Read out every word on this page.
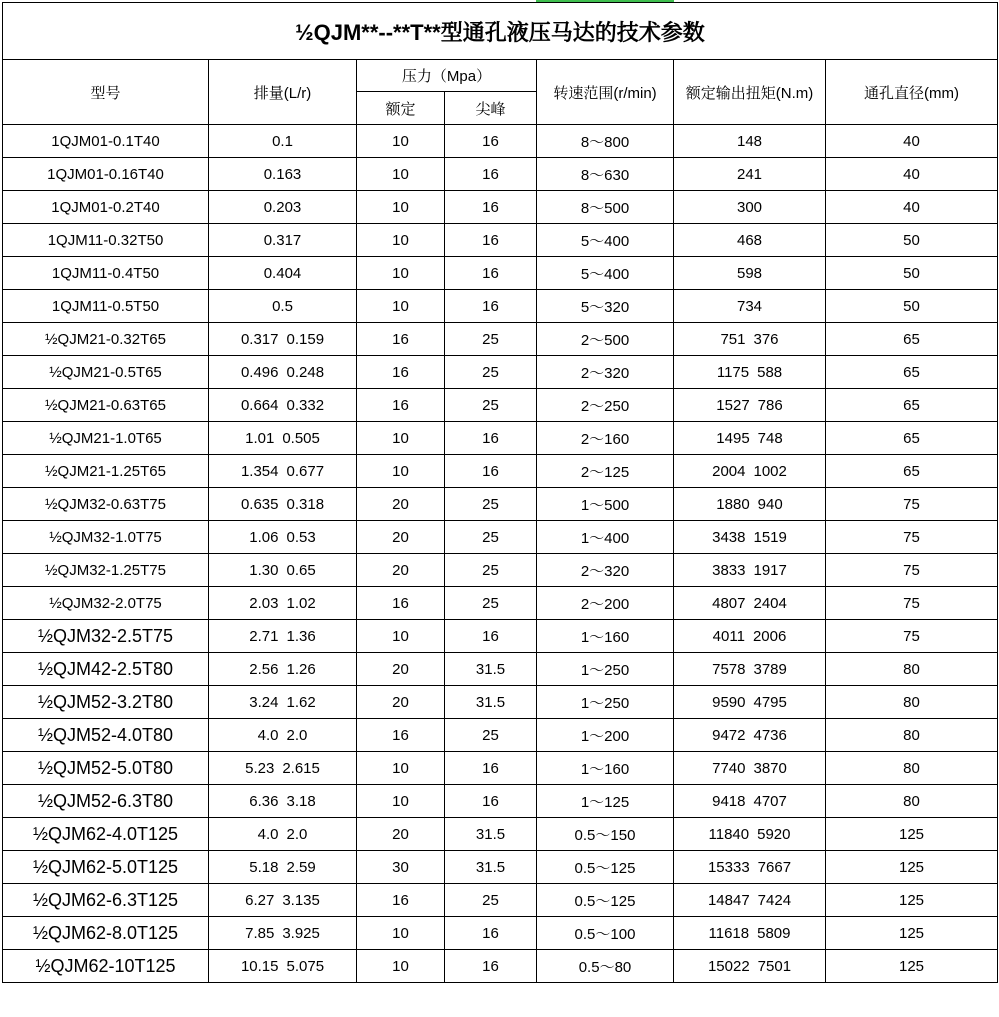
½QJM**--**T**型通孔液压马达的技术参数						
型号	排量(L/r)	压力（Mpa）		转速范围(r/min)	额定输出扭矩(N.m)	通孔直径(mm)
		额定	尖峰			
1QJM01-0.1T40	0.1	10	16	8～800	148	40
1QJM01-0.16T40	0.163	10	16	8～630	241	40
1QJM01-0.2T40	0.203	10	16	8～500	300	40
1QJM11-0.32T50	0.317	10	16	5～400	468	50
1QJM11-0.4T50	0.404	10	16	5～400	598	50
1QJM11-0.5T50	0.5	10	16	5～320	734	50
½QJM21-0.32T65	0.317 0.159	16	25	2～500	751 376	65
½QJM21-0.5T65	0.496 0.248	16	25	2～320	1175 588	65
½QJM21-0.63T65	0.664 0.332	16	25	2～250	1527 786	65
½QJM21-1.0T65	1.01 0.505	10	16	2～160	1495 748	65
½QJM21-1.25T65	1.354 0.677	10	16	2～125	2004 1002	65
½QJM32-0.63T75	0.635 0.318	20	25	1～500	1880 940	75
½QJM32-1.0T75	1.06 0.53	20	25	1～400	3438 1519	75
½QJM32-1.25T75	1.30 0.65	20	25	2～320	3833 1917	75
½QJM32-2.0T75	2.03 1.02	16	25	2～200	4807 2404	75
½QJM32-2.5T75	2.71 1.36	10	16	1～160	4011 2006	75
½QJM42-2.5T80	2.56 1.26	20	31.5	1～250	7578 3789	80
½QJM52-3.2T80	3.24 1.62	20	31.5	1～250	9590 4795	80
½QJM52-4.0T80	4.0 2.0	16	25	1～200	9472 4736	80
½QJM52-5.0T80	5.23 2.615	10	16	1～160	7740 3870	80
½QJM52-6.3T80	6.36 3.18	10	16	1～125	9418 4707	80
½QJM62-4.0T125	4.0 2.0	20	31.5	0.5～150	11840 5920	125
½QJM62-5.0T125	5.18 2.59	30	31.5	0.5～125	15333 7667	125
½QJM62-6.3T125	6.27 3.135	16	25	0.5～125	14847 7424	125
½QJM62-8.0T125	7.85 3.925	10	16	0.5～100	11618 5809	125
½QJM62-10T125	10.15 5.075	10	16	0.5～80	15022 7501	125
